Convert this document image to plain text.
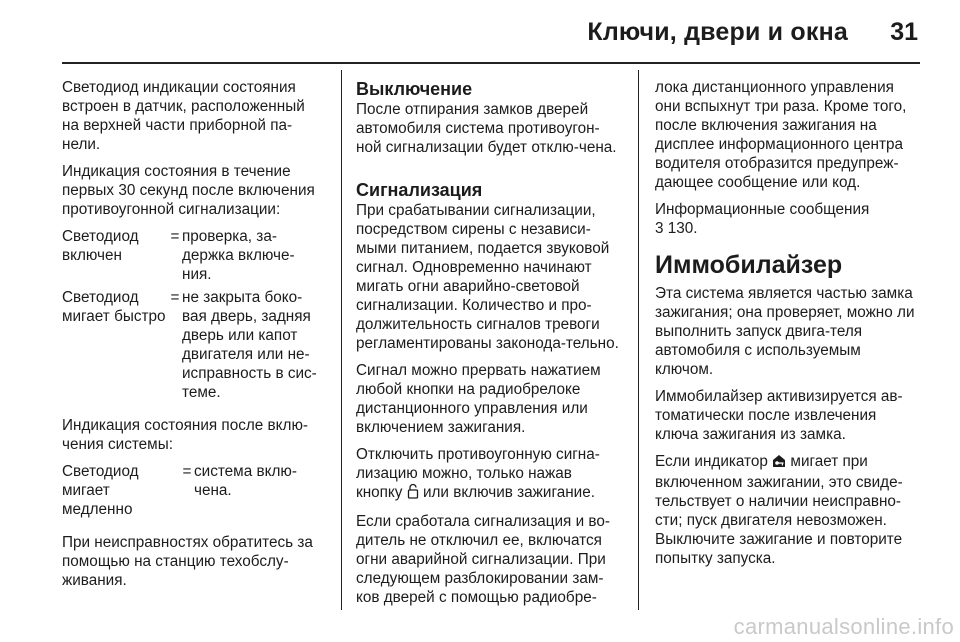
Ключи, двери и окна 31

Светодиод индикации состояния встроен в датчик, расположенный на верхней части приборной па-нели.

Индикация состояния в течение первых 30 секунд после включения противоугонной сигнализации:

Светодиод включен	=	проверка, за-держка включе-ния.
Светодиод мигает быстро	=	не закрыта боко-вая дверь, задняя дверь или капот двигателя или не-исправность в сис-теме.

Индикация состояния после вклю-чения системы:

Светодиод мигает медленно	=	система вклю-чена.

При неисправностях обратитесь за помощью на станцию техобслу-живания.

Выключение

После отпирания замков дверей автомобиля система противоугон-ной сигнализации будет отклю-чена.

Сигнализация

При срабатывании сигнализации, посредством сирены с независи-мыми питанием, подается звуковой сигнал. Одновременно начинают мигать огни аварийно-световой сигнализации. Количество и про-должительность сигналов тревоги регламентированы законода-тельно.

Сигнал можно прервать нажатием любой кнопки на радиобрелоке дистанционного управления или включением зажигания.

Отключить противоугонную сигна-лизацию можно, только нажав кнопку или включив зажигание.

Если сработала сигнализация и во-дитель не отключил ее, включатся огни аварийной сигнализации. При следующем разблокировании зам-ков дверей с помощью радиобре-

лока дистанционного управления они вспыхнут три раза. Кроме того, после включения зажигания на дисплее информационного центра водителя отобразится предупреж-дающее сообщение или код.

Информационные сообщения
3 130.

Иммобилайзер

Эта система является частью замка зажигания; она проверяет, можно ли выполнить запуск двига-теля автомобиля с используемым ключом.

Иммобилайзер активизируется ав-томатически после извлечения ключа зажигания из замка.

Если индикатор мигает при включенном зажигании, это свиде-тельствует о наличии неисправно-сти; пуск двигателя невозможен. Выключите зажигание и повторите попытку запуска.

carmanualsonline.info
